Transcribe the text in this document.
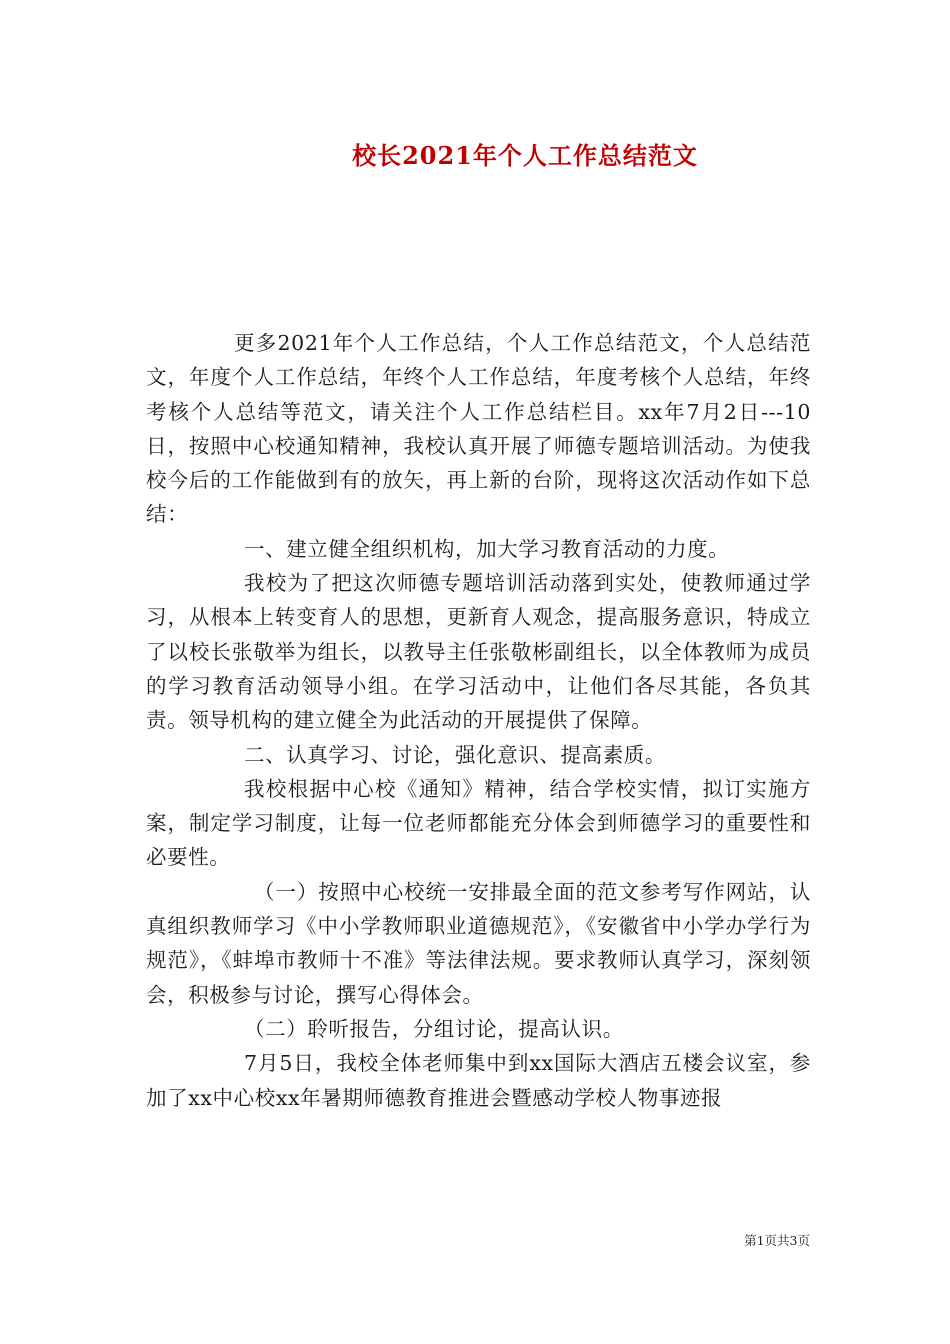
校长2021年个人工作总结范文

更多2021年个人工作总结，个人工作总结范文，个人总结范文，年度个人工作总结，年终个人工作总结，年度考核个人总结，年终考核个人总结等范文，请关注个人工作总结栏目。xx年7月2日---10日，按照中心校通知精神，我校认真开展了师德专题培训活动。为使我校今后的工作能做到有的放矢，再上新的台阶，现将这次活动作如下总结：

一、建立健全组织机构，加大学习教育活动的力度。

我校为了把这次师德专题培训活动落到实处，使教师通过学习，从根本上转变育人的思想，更新育人观念，提高服务意识，特成立了以校长张敬举为组长，以教导主任张敬彬副组长，以全体教师为成员的学习教育活动领导小组。在学习活动中，让他们各尽其能，各负其责。领导机构的建立健全为此活动的开展提供了保障。

二、认真学习、讨论，强化意识、提高素质。

我校根据中心校《通知》精神，结合学校实情，拟订实施方案，制定学习制度，让每一位老师都能充分体会到师德学习的重要性和必要性。

（一）按照中心校统一安排最全面的范文参考写作网站，认真组织教师学习《中小学教师职业道德规范》，《安徽省中小学办学行为规范》，《蚌埠市教师十不准》等法律法规。要求教师认真学习，深刻领会，积极参与讨论，撰写心得体会。

（二）聆听报告，分组讨论，提高认识。

7月5日，我校全体老师集中到xx国际大酒店五楼会议室，参加了xx中心校xx年暑期师德教育推进会暨感动学校人物事迹报

第1页共3页
